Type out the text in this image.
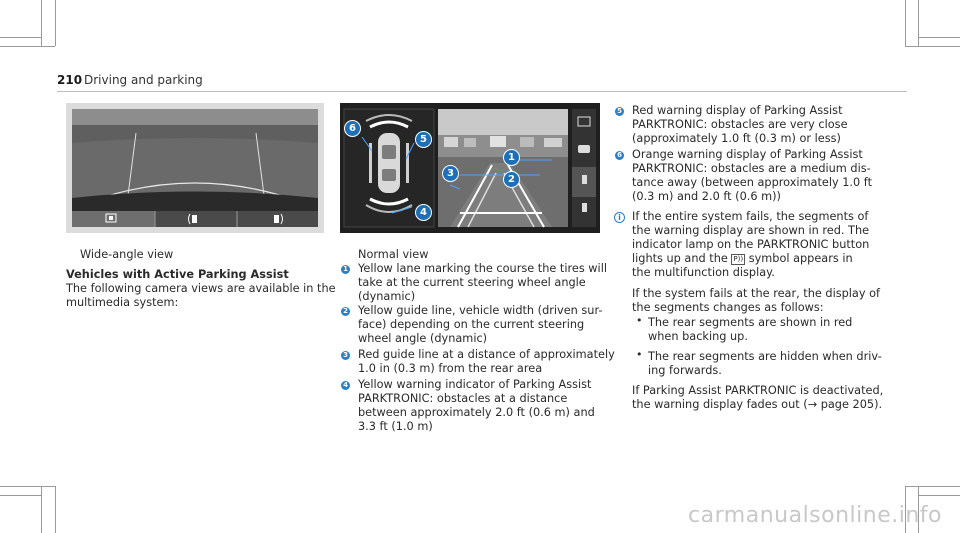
210 Driving and parking
6
5
4
3
1
2
Wide-angle view
Vehicles with Active Parking Assist
The following camera views are available in the
multimedia system:
Normal view
1 Yellow lane marking the course the tires will
take at the current steering wheel angle
(dynamic)
2 Yellow guide line, vehicle width (driven sur-
face) depending on the current steering
wheel angle (dynamic)
3 Red guide line at a distance of approximately
1.0 in (0.3 m) from the rear area
4 Yellow warning indicator of Parking Assist
PARKTRONIC: obstacles at a distance
between approximately 2.0 ft (0.6 m) and
3.3 ft (1.0 m)
5 Red warning display of Parking Assist
PARKTRONIC: obstacles are very close
(approximately 1.0 ft (0.3 m) or less)
6 Orange warning display of Parking Assist
PARKTRONIC: obstacles are a medium dis-
tance away (between approximately 1.0 ft
(0.3 m) and 2.0 ft (0.6 m))
i If the entire system fails, the segments of
the warning display are shown in red. The
indicator lamp on the PARKTRONIC button
lights up and the P)) symbol appears in
the multifunction display.
If the system fails at the rear, the display of
the segments changes as follows:
• The rear segments are shown in red
when backing up.
• The rear segments are hidden when driv-
ing forwards.
If Parking Assist PARKTRONIC is deactivated,
the warning display fades out (→ page 205).
carmanualsonline.info
